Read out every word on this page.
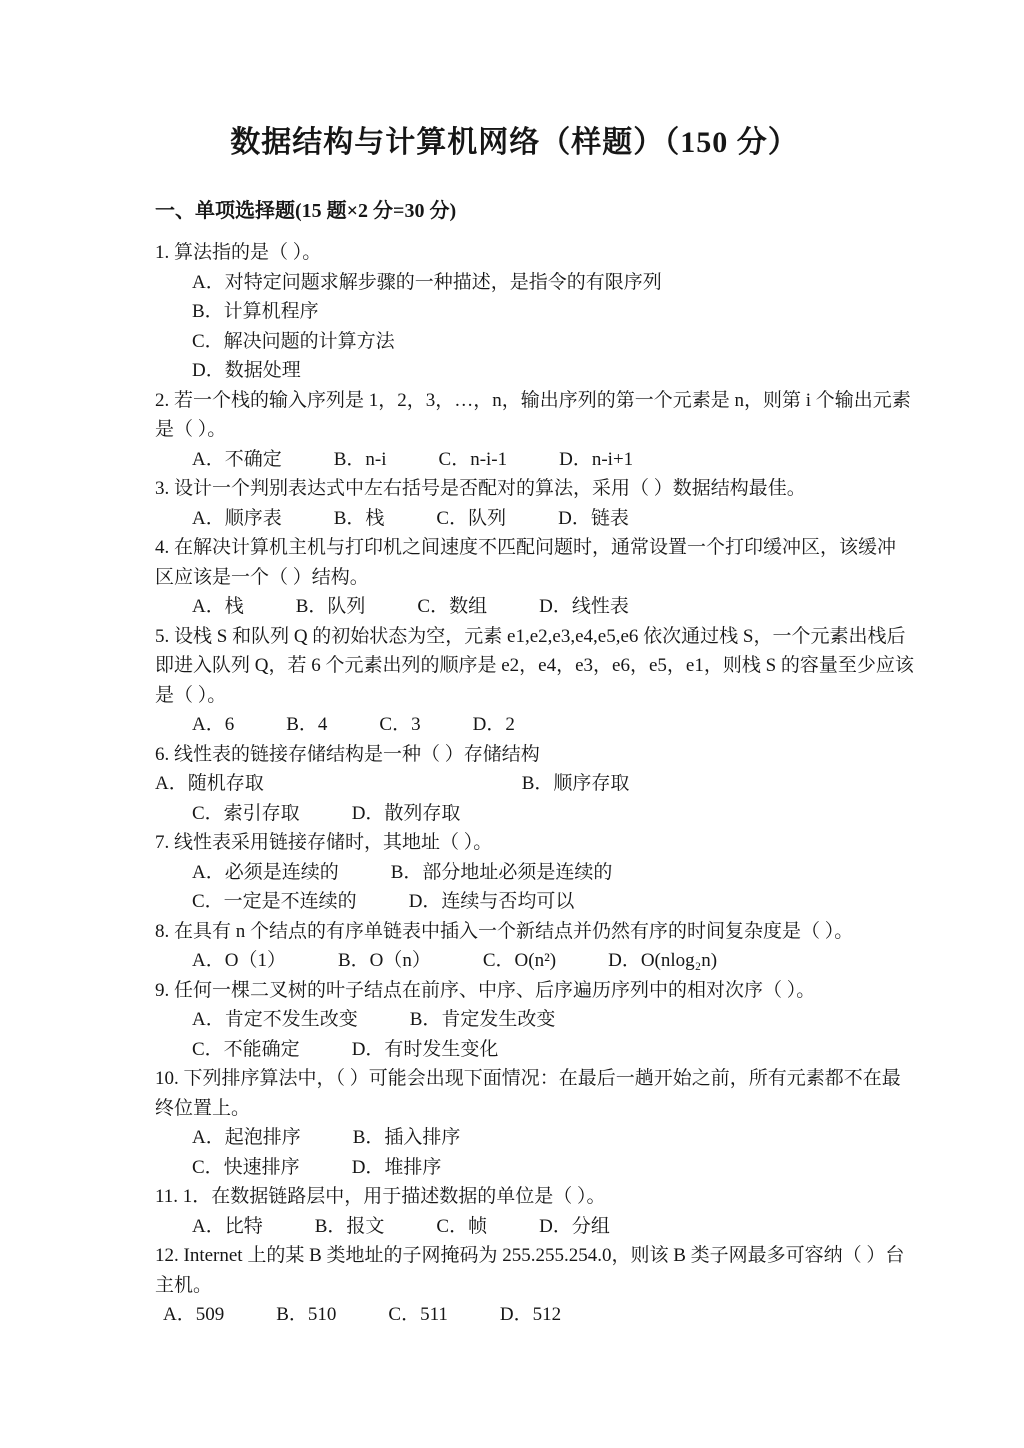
数据结构与计算机网络（样题）（150 分）
一、单项选择题(15 题×2 分=30 分)
1. 算法指的是（ ）。
A．对特定问题求解步骤的一种描述，是指令的有限序列
B．计算机程序
C．解决问题的计算方法
D．数据处理
2. 若一个栈的输入序列是 1，2，3，…，n，输出序列的第一个元素是 n，则第 i 个输出元素
是（ ）。
A．不确定	B．n-i	C．n-i-1	D．n-i+1
3. 设计一个判别表达式中左右括号是否配对的算法，采用（ ）数据结构最佳。
A．顺序表	B．栈	C．队列	D．链表
4. 在解决计算机主机与打印机之间速度不匹配问题时，通常设置一个打印缓冲区，该缓冲
区应该是一个（ ）结构。
A．栈	B．队列	C．数组	D．线性表
5. 设栈 S 和队列 Q 的初始状态为空，元素 e1,e2,e3,e4,e5,e6 依次通过栈 S，一个元素出栈后
即进入队列 Q，若 6 个元素出列的顺序是 e2，e4，e3，e6，e5，e1，则栈 S 的容量至少应该
是（ ）。
A．6	B．4	C．3	D．2
6. 线性表的链接存储结构是一种（ ）存储结构
A．随机存取	B．顺序存取
C．索引存取	D．散列存取
7. 线性表采用链接存储时，其地址（ ）。
A．必须是连续的	B．部分地址必须是连续的
C．一定是不连续的	D．连续与否均可以
8. 在具有 n 个结点的有序单链表中插入一个新结点并仍然有序的时间复杂度是（ ）。
A．O（1）	B．O（n）	C．O(n²)	D．O(nlog₂n)
9. 任何一棵二叉树的叶子结点在前序、中序、后序遍历序列中的相对次序（ ）。
A．肯定不发生改变	B．肯定发生改变
C．不能确定	D．有时发生变化
10. 下列排序算法中，（ ）可能会出现下面情况：在最后一趟开始之前，所有元素都不在最
终位置上。
A．起泡排序	B．插入排序
C．快速排序	D．堆排序
11. 1．在数据链路层中，用于描述数据的单位是（ ）。
A．比特	B．报文	C．帧	D．分组
12. Internet 上的某 B 类地址的子网掩码为 255.255.254.0，则该 B 类子网最多可容纳（ ）台
主机。
A．509	B．510	C．511	D．512
